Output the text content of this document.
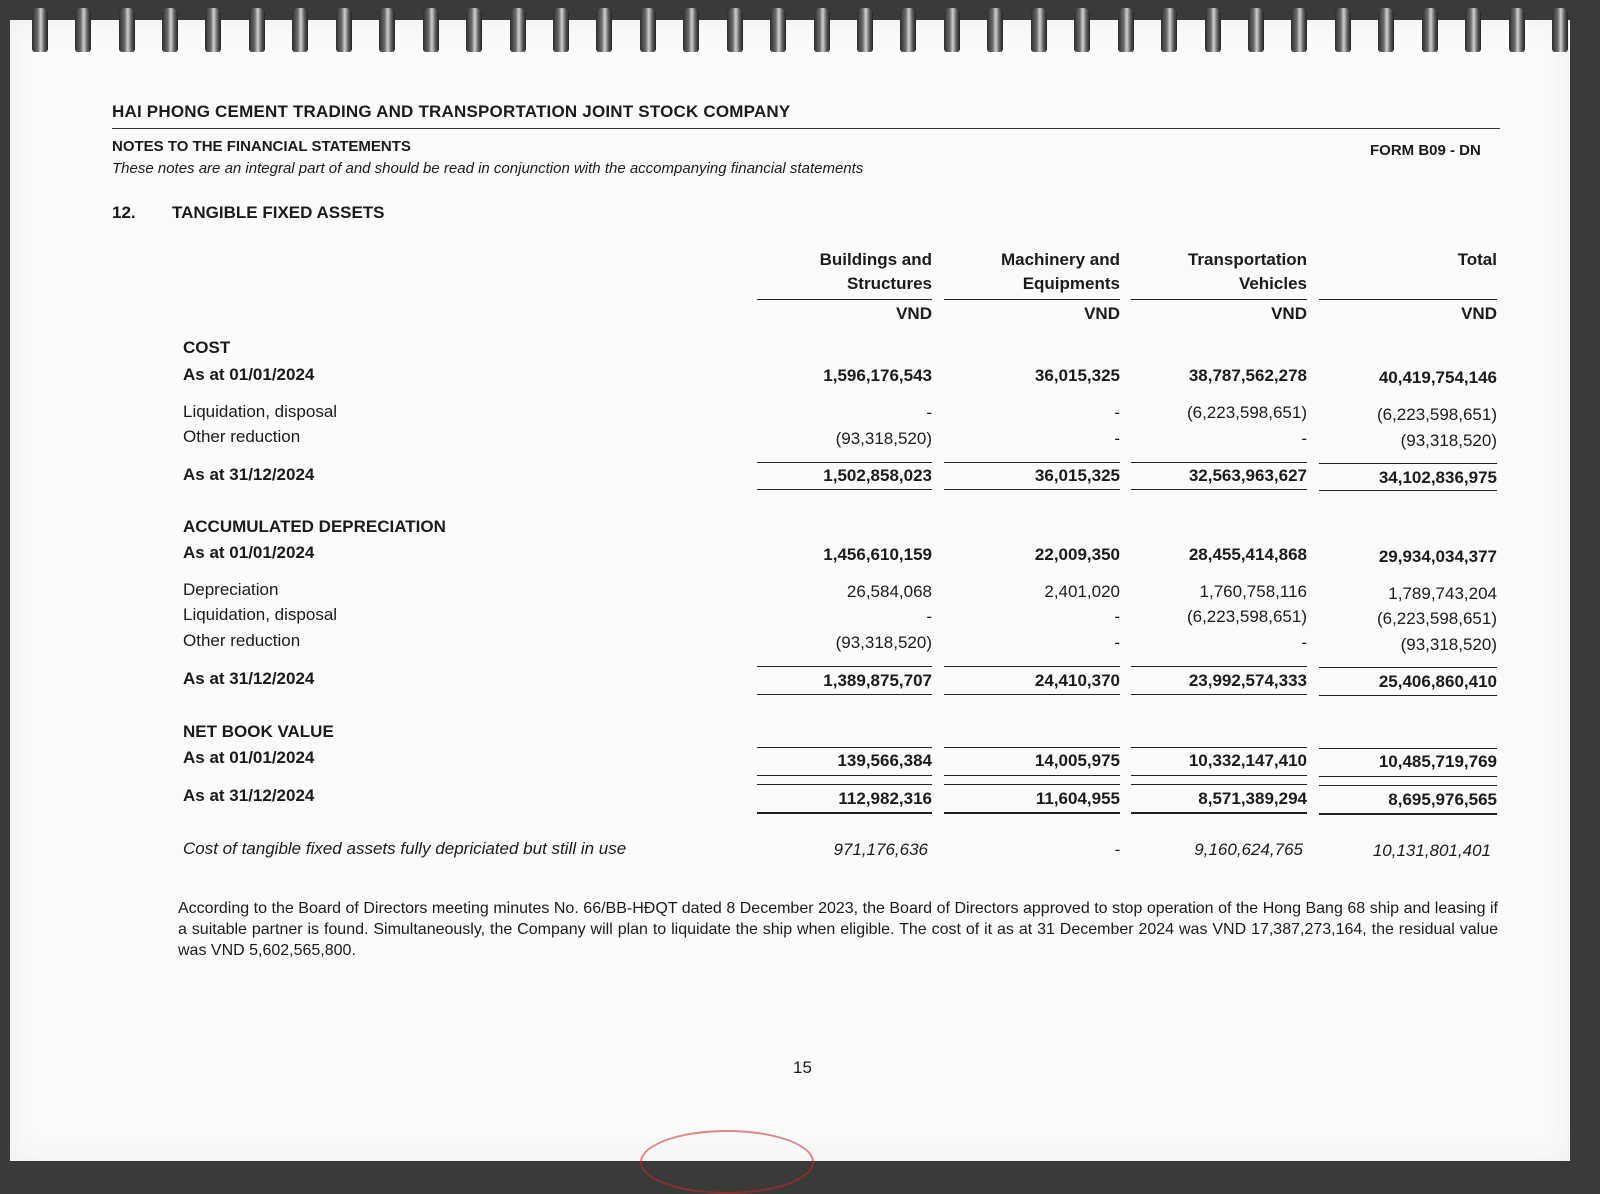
HAI PHONG CEMENT TRADING AND TRANSPORTATION JOINT STOCK COMPANY
NOTES TO THE FINANCIAL STATEMENTS
These notes are an integral part of and should be read in conjunction with the accompanying financial statements
FORM B09 - DN
12. TANGIBLE FIXED ASSETS
Buildings and
Structures
Machinery and
Equipments
Transportation
Vehicles
Total
VND	VND	VND	VND
COST
As at 01/01/2024	1,596,176,543	36,015,325	38,787,562,278	40,419,754,146
Liquidation, disposal	-	-	(6,223,598,651)	(6,223,598,651)
Other reduction	(93,318,520)	-	-	(93,318,520)
As at 31/12/2024	1,502,858,023	36,015,325	32,563,963,627	34,102,836,975
ACCUMULATED DEPRECIATION
As at 01/01/2024	1,456,610,159	22,009,350	28,455,414,868	29,934,034,377
Depreciation	26,584,068	2,401,020	1,760,758,116	1,789,743,204
Liquidation, disposal	-	-	(6,223,598,651)	(6,223,598,651)
Other reduction	(93,318,520)	-	-	(93,318,520)
As at 31/12/2024	1,389,875,707	24,410,370	23,992,574,333	25,406,860,410
NET BOOK VALUE
As at 01/01/2024	139,566,384	14,005,975	10,332,147,410	10,485,719,769
As at 31/12/2024	112,982,316	11,604,955	8,571,389,294	8,695,976,565
Cost of tangible fixed assets fully depriciated but still in use	971,176,636	-	9,160,624,765	10,131,801,401
According to the Board of Directors meeting minutes No. 66/BB-HĐQT dated 8 December 2023, the Board of Directors approved to stop operation of the Hong Bang 68 ship and leasing if a suitable partner is found. Simultaneously, the Company will plan to liquidate the ship when eligible. The cost of it as at 31 December 2024 was VND 17,387,273,164, the residual value was VND 5,602,565,800.
15
